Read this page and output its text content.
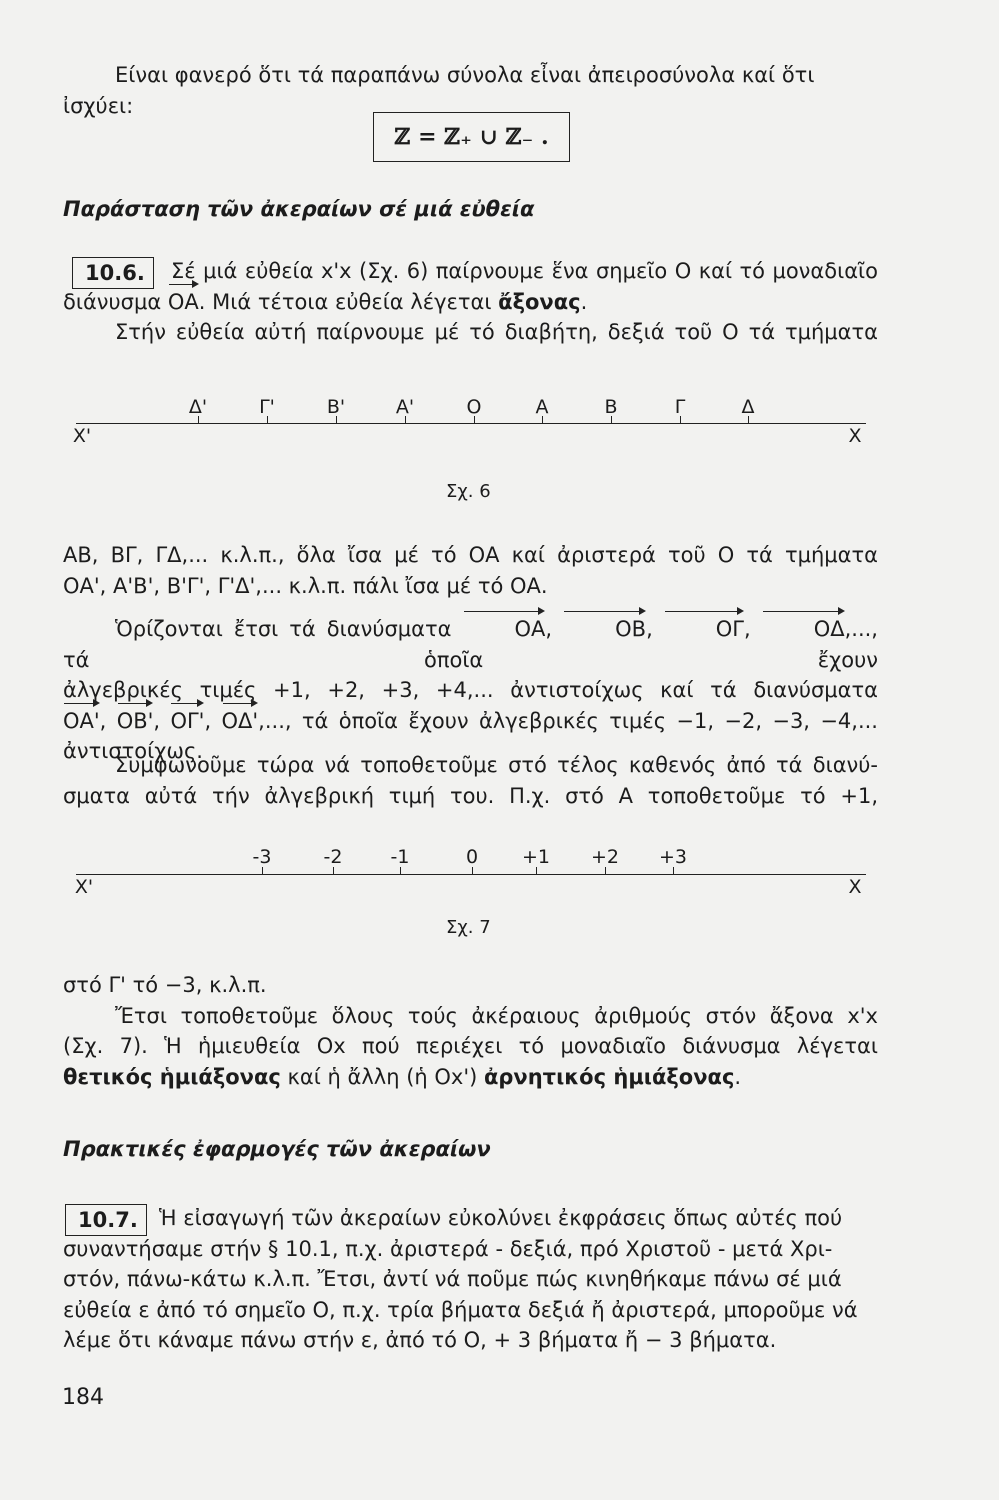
Είναι φανερό ὅτι τά παραπάνω σύνολα εἶναι ἀπειροσύνολα καί ὅτι
ἰσχύει:
ℤ = ℤ₊ ∪ ℤ₋ .
Παράσταση τῶν ἀκεραίων σέ μιά εὐθεία
10.6.	Σέ μιά εὐθεία x'x (Σχ. 6) παίρνουμε ἕνα σημεῖο Ο καί τό μοναδιαῖο
διάνυσμα ΟΑ. Μιά τέτοια εὐθεία λέγεται ἄξονας.
Στήν εὐθεία αὐτή παίρνουμε μέ τό διαβήτη, δεξιά τοῦ Ο τά τμήματα
X'	X
Δ'	Γ'	Β'	Α'	Ο	Α	Β	Γ	Δ
Σχ. 6
ΑΒ, ΒΓ, ΓΔ,... κ.λ.π., ὅλα ἴσα μέ τό ΟΑ καί ἀριστερά τοῦ Ο τά τμήματα
ΟΑ', Α'Β', Β'Γ', Γ'Δ',... κ.λ.π. πάλι ἴσα μέ τό ΟΑ.
Ὁρίζονται ἔτσι τά διανύσματα	ΟΑ, ΟΒ, ΟΓ, ΟΔ,..., τά ὁποῖα ἔχουν
ἀλγεβρικές τιμές +1, +2, +3, +4,... ἀντιστοίχως καί τά διανύσματα
ΟΑ', ΟΒ', ΟΓ', ΟΔ',..., τά ὁποῖα ἔχουν ἀλγεβρικές τιμές −1, −2, −3, −4,...
ἀντιστοίχως.
Συμφωνοῦμε τώρα νά τοποθετοῦμε στό τέλος καθενός ἀπό τά διανύ-
σματα αὐτά τήν ἀλγεβρική τιμή του. Π.χ. στό Α τοποθετοῦμε τό +1,
X'	X
-3	-2	-1	0 +1 +2 +3
Σχ. 7
στό Γ' τό −3, κ.λ.π.
Ἔτσι τοποθετοῦμε ὅλους τούς ἀκέραιους ἀριθμούς στόν ἄξονα x'x
(Σχ. 7). Ἡ ἡμιευθεία Οx πού περιέχει τό μοναδιαῖο διάνυσμα λέγεται
θετικός ἡμιάξονας καί ἡ ἄλλη (ἡ Οx') ἀρνητικός ἡμιάξονας.
Πρακτικές ἐφαρμογές τῶν ἀκεραίων
10.7.	Ἡ εἰσαγωγή τῶν ἀκεραίων εὐκολύνει ἐκφράσεις ὅπως αὐτές πού
συναντήσαμε στήν § 10.1, π.χ. ἀριστερά - δεξιά, πρό Χριστοῦ - μετά Χρι-
στόν, πάνω-κάτω κ.λ.π. Ἔτσι, ἀντί νά ποῦμε πώς κινηθήκαμε πάνω σέ μιά
εὐθεία ε ἀπό τό σημεῖο Ο, π.χ. τρία βήματα δεξιά ἤ ἀριστερά, μποροῦμε νά
λέμε ὅτι κάναμε πάνω στήν ε, ἀπό τό Ο, + 3 βήματα ἤ − 3 βήματα.
184
